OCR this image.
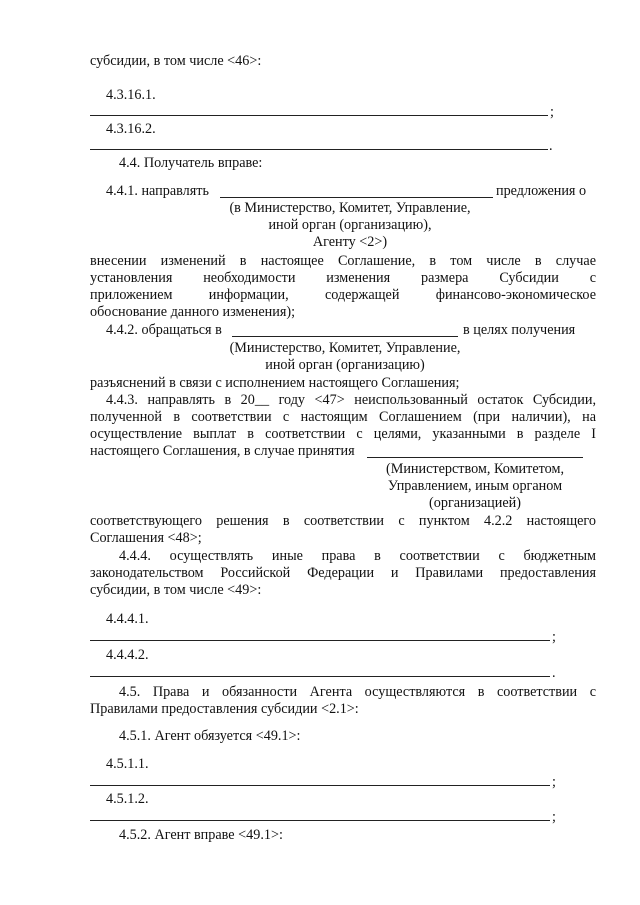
субсидии, в том числе <46>:
4.3.16.1.
;
4.3.16.2.
.
4.4. Получатель вправе:
4.4.1. направлять	предложения о
(в Министерство, Комитет, Управление,
иной орган (организацию),
Агенту <2>)
внесении изменений в настоящее Соглашение, в том числе в случае
установления необходимости изменения размера Субсидии с
приложением информации, содержащей финансово-экономическое
обоснование данного изменения);
4.4.2. обращаться в	в целях получения
(Министерство, Комитет, Управление,
иной орган (организацию)
разъяснений в связи с исполнением настоящего Соглашения;
4.4.3. направлять в 20__ году <47> неиспользованный остаток Субсидии,
полученной в соответствии с настоящим Соглашением (при наличии), на
осуществление выплат в соответствии с целями, указанными в разделе I
настоящего Соглашения, в случае принятия
(Министерством, Комитетом,
Управлением, иным органом
(организацией)
соответствующего решения в соответствии с пунктом 4.2.2 настоящего
Соглашения <48>;
4.4.4. осуществлять иные права в соответствии с бюджетным
законодательством Российской Федерации и Правилами предоставления
субсидии, в том числе <49>:
4.4.4.1.
;
4.4.4.2.
.
4.5. Права и обязанности Агента осуществляются в соответствии с
Правилами предоставления субсидии <2.1>:
4.5.1. Агент обязуется <49.1>:
4.5.1.1.
;
4.5.1.2.
;
4.5.2. Агент вправе <49.1>:
